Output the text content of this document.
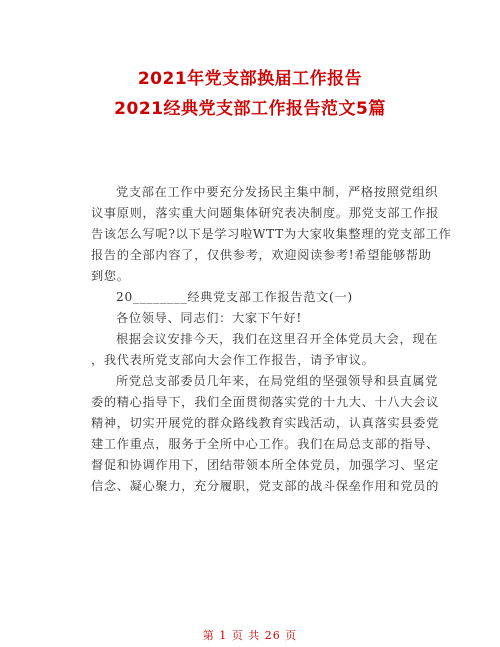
2021年党支部换届工作报告
2021经典党支部工作报告范文5篇
党支部在工作中要充分发扬民主集中制，严格按照党组织
议事原则，落实重大问题集体研究表决制度。那党支部工作报
告该怎么写呢?以下是学习啦WTT为大家收集整理的党支部工作
报告的全部内容了，仅供参考，欢迎阅读参考!希望能够帮助
到您。
20________经典党支部工作报告范文(一)
各位领导、同志们：大家下午好!
根据会议安排今天，我们在这里召开全体党员大会，现在
，我代表所党支部向大会作工作报告，请予审议。
所党总支部委员几年来，在局党组的坚强领导和县直属党
委的精心指导下，我们全面贯彻落实党的十九大、十八大会议
精神，切实开展党的群众路线教育实践活动，认真落实县委党
建工作重点，服务于全所中心工作。我们在局总支部的指导、
督促和协调作用下，团结带领本所全体党员，加强学习、坚定
信念、凝心聚力，充分履职，党支部的战斗保垒作用和党员的
第 1 页 共 26 页
